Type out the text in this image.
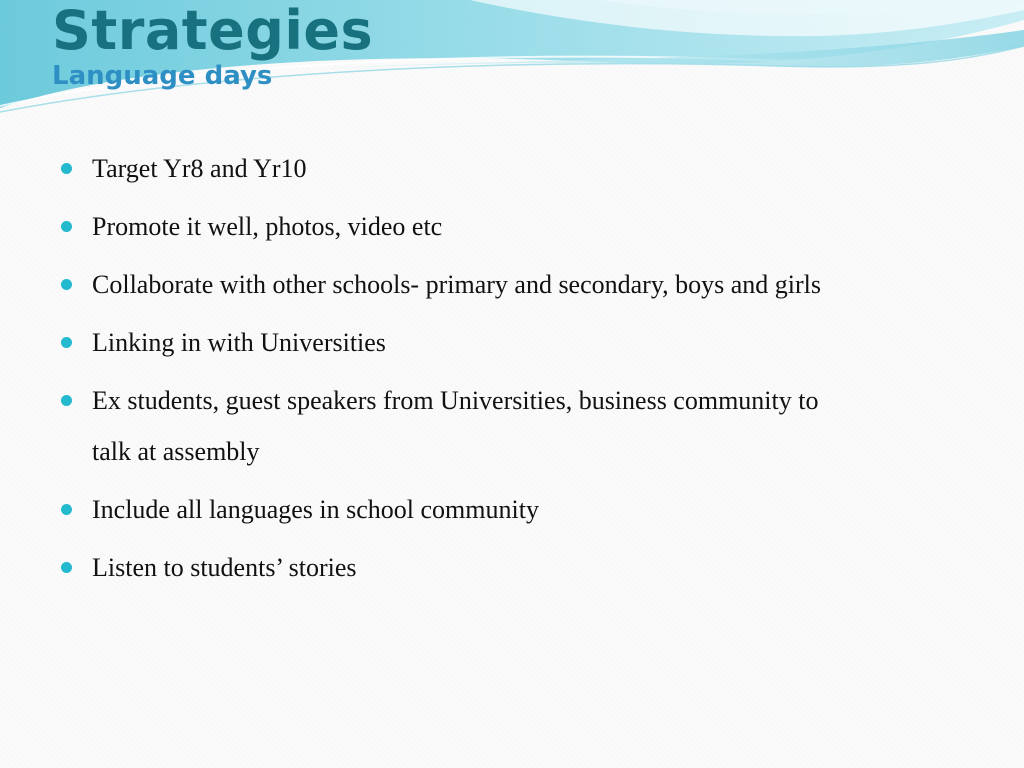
Strategies
Language days
Target Yr8 and Yr10
Promote it well, photos, video etc
Collaborate with other schools- primary and secondary, boys and girls
Linking in with Universities
Ex students, guest speakers from Universities, business community to talk at assembly
Include all languages in school community
Listen to students’ stories
